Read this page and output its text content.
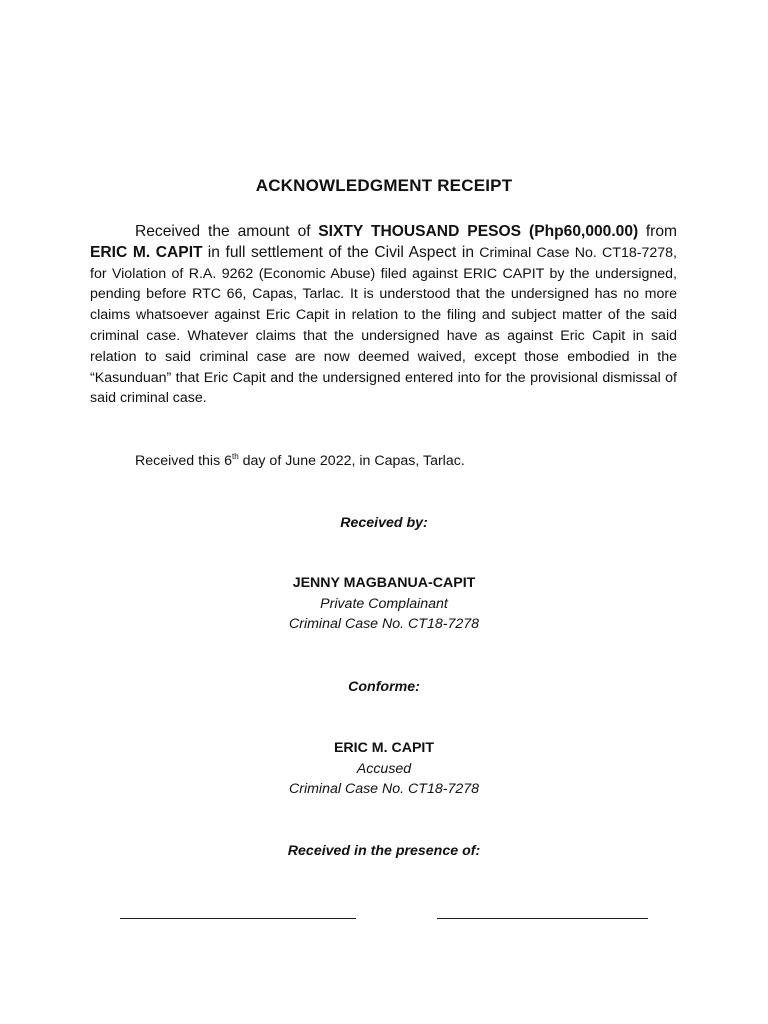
ACKNOWLEDGMENT RECEIPT

Received the amount of SIXTY THOUSAND PESOS (Php60,000.00) from ERIC M. CAPIT in full settlement of the Civil Aspect in Criminal Case No. CT18-7278, for Violation of R.A. 9262 (Economic Abuse) filed against ERIC CAPIT by the undersigned, pending before RTC 66, Capas, Tarlac. It is understood that the undersigned has no more claims whatsoever against Eric Capit in relation to the filing and subject matter of the said criminal case. Whatever claims that the undersigned have as against Eric Capit in said relation to said criminal case are now deemed waived, except those embodied in the “Kasunduan” that Eric Capit and the undersigned entered into for the provisional dismissal of said criminal case.

Received this 6th day of June 2022, in Capas, Tarlac.
Received by:
JENNY MAGBANUA-CAPIT
Private Complainant
Criminal Case No. CT18-7278
Conforme:
ERIC M. CAPIT
Accused
Criminal Case No. CT18-7278
Received in the presence of:
